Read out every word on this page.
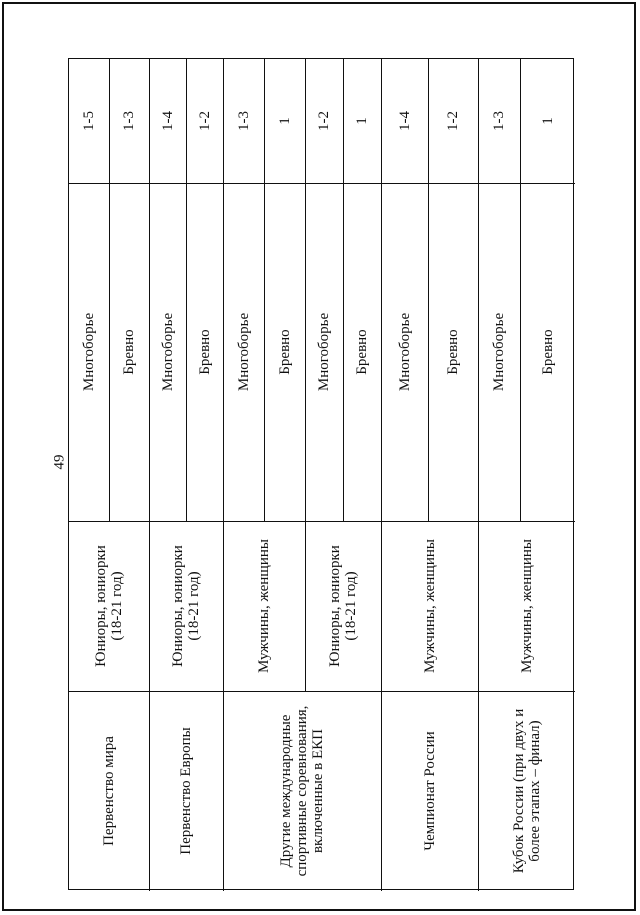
49
1-5
Многоборье
1-3
Бревно
Юниоры, юниорки (18-21 год)
Первенство мира
1-4
Многоборье
1-2
Бревно
Юниоры, юниорки (18-21 год)
Первенство Европы
1-3
Многоборье
1
Бревно
Мужчины, женщины
1-2
Многоборье
1
Бревно
Юниоры, юниорки (18-21 год)
Другие международные спортивные соревнования, включенные в ЕКП
1-4
Многоборье
1-2
Бревно
Мужчины, женщины
Чемпионат России
1-3
Многоборье
1
Бревно
Мужчины, женщины
Кубок России (при двух и более этапах – финал)
